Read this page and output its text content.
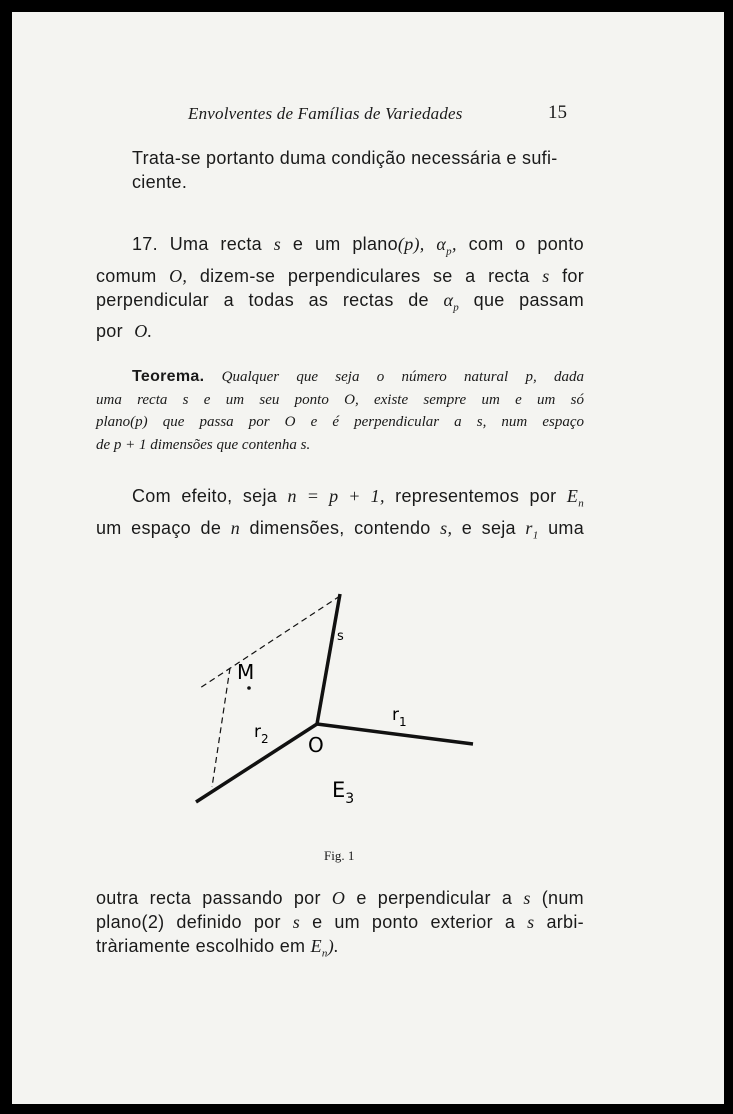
Envolventes de Famílias de Variedades	15
Trata-se portanto duma condição necessária e sufi-
ciente.
17. Uma recta s e um plano(p), $\alpha_p$, com o ponto
comum O, dizem-se perpendiculares se a recta s for
perpendicular a todas as rectas de $\alpha_p$ que passam
por O.
Teorema. Qualquer que seja o número natural p, dada
uma recta s e um seu ponto O, existe sempre um e um só
plano(p) que passa por O e é perpendicular a s, num espaço
de p + 1 dimensões que contenha s.
Com efeito, seja n = p + 1, representemos por $E_n$
um espaço de n dimensões, contendo s, e seja $r_1$ uma
s
M
$r_1$
$r_2$ O
$E_3$
Fig. 1
outra recta passando por O e perpendicular a s (num
plano(2) definido por s e um ponto exterior a s arbi-
tràriamente escolhido em $E_n$).
